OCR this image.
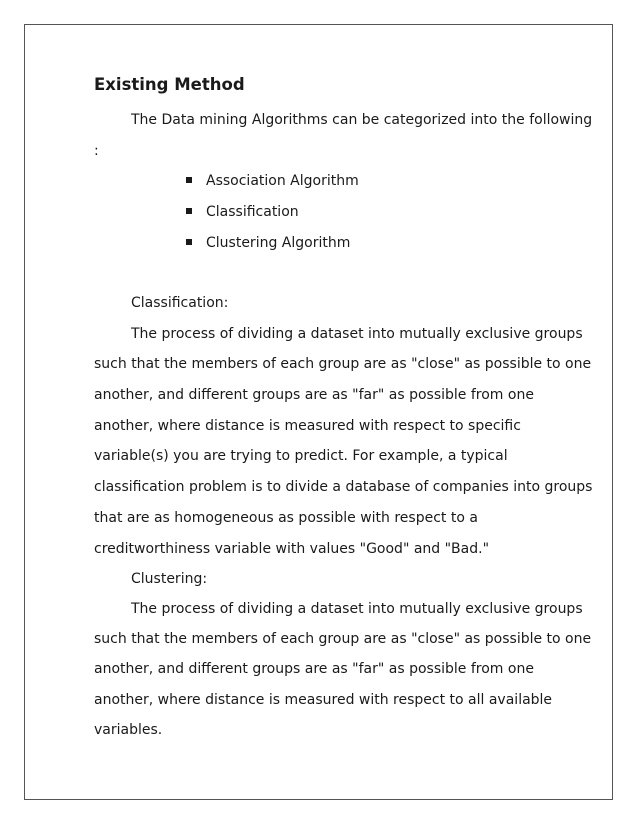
Existing Method
The Data mining Algorithms can be categorized into the following
:
Association Algorithm
Classification
Clustering Algorithm
Classification:
The process of dividing a dataset into mutually exclusive groups
such that the members of each group are as "close" as possible to one
another, and different groups are as "far" as possible from one
another, where distance is measured with respect to specific
variable(s) you are trying to predict. For example, a typical
classification problem is to divide a database of companies into groups
that are as homogeneous as possible with respect to a
creditworthiness variable with values "Good" and "Bad."
Clustering:
The process of dividing a dataset into mutually exclusive groups
such that the members of each group are as "close" as possible to one
another, and different groups are as "far" as possible from one
another, where distance is measured with respect to all available
variables.
